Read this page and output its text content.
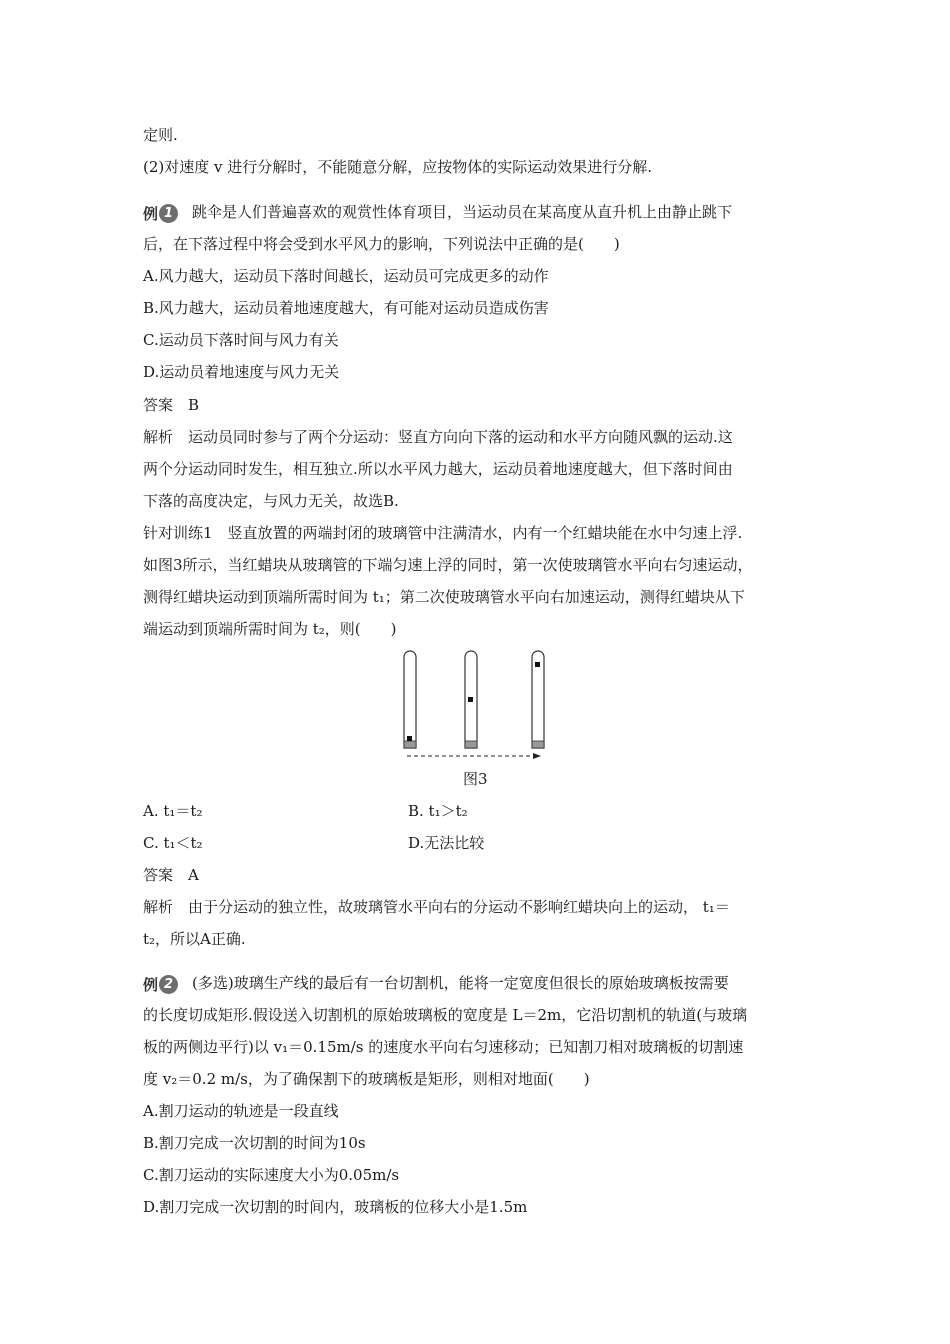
定则.
(2)对速度 v 进行分解时，不能随意分解，应按物体的实际运动效果进行分解.
例 1 跳伞是人们普遍喜欢的观赏性体育项目，当运动员在某高度从直升机上由静止跳下
后，在下落过程中将会受到水平风力的影响，下列说法中正确的是(　　)
A.风力越大，运动员下落时间越长，运动员可完成更多的动作
B.风力越大，运动员着地速度越大，有可能对运动员造成伤害
C.运动员下落时间与风力有关
D.运动员着地速度与风力无关
答案　B
解析　运动员同时参与了两个分运动：竖直方向向下落的运动和水平方向随风飘的运动.这
两个分运动同时发生，相互独立.所以水平风力越大，运动员着地速度越大，但下落时间由
下落的高度决定，与风力无关，故选B.
针对训练1　竖直放置的两端封闭的玻璃管中注满清水，内有一个红蜡块能在水中匀速上浮.
如图3所示，当红蜡块从玻璃管的下端匀速上浮的同时，第一次使玻璃管水平向右匀速运动，
测得红蜡块运动到顶端所需时间为 t₁；第二次使玻璃管水平向右加速运动，测得红蜡块从下
端运动到顶端所需时间为 t₂，则(　　)
图3
A. t₁＝t₂	B. t₁＞t₂
C. t₁＜t₂	D.无法比较
答案　A
解析　由于分运动的独立性，故玻璃管水平向右的分运动不影响红蜡块向上的运动， t₁＝
t₂，所以A正确.
例 2 (多选)玻璃生产线的最后有一台切割机，能将一定宽度但很长的原始玻璃板按需要
的长度切成矩形.假设送入切割机的原始玻璃板的宽度是 L＝2m，它沿切割机的轨道(与玻璃
板的两侧边平行)以 v₁＝0.15m/s 的速度水平向右匀速移动；已知割刀相对玻璃板的切割速
度 v₂＝0.2 m/s，为了确保割下的玻璃板是矩形，则相对地面(　　)
A.割刀运动的轨迹是一段直线
B.割刀完成一次切割的时间为10s
C.割刀运动的实际速度大小为0.05m/s
D.割刀完成一次切割的时间内，玻璃板的位移大小是1.5m
